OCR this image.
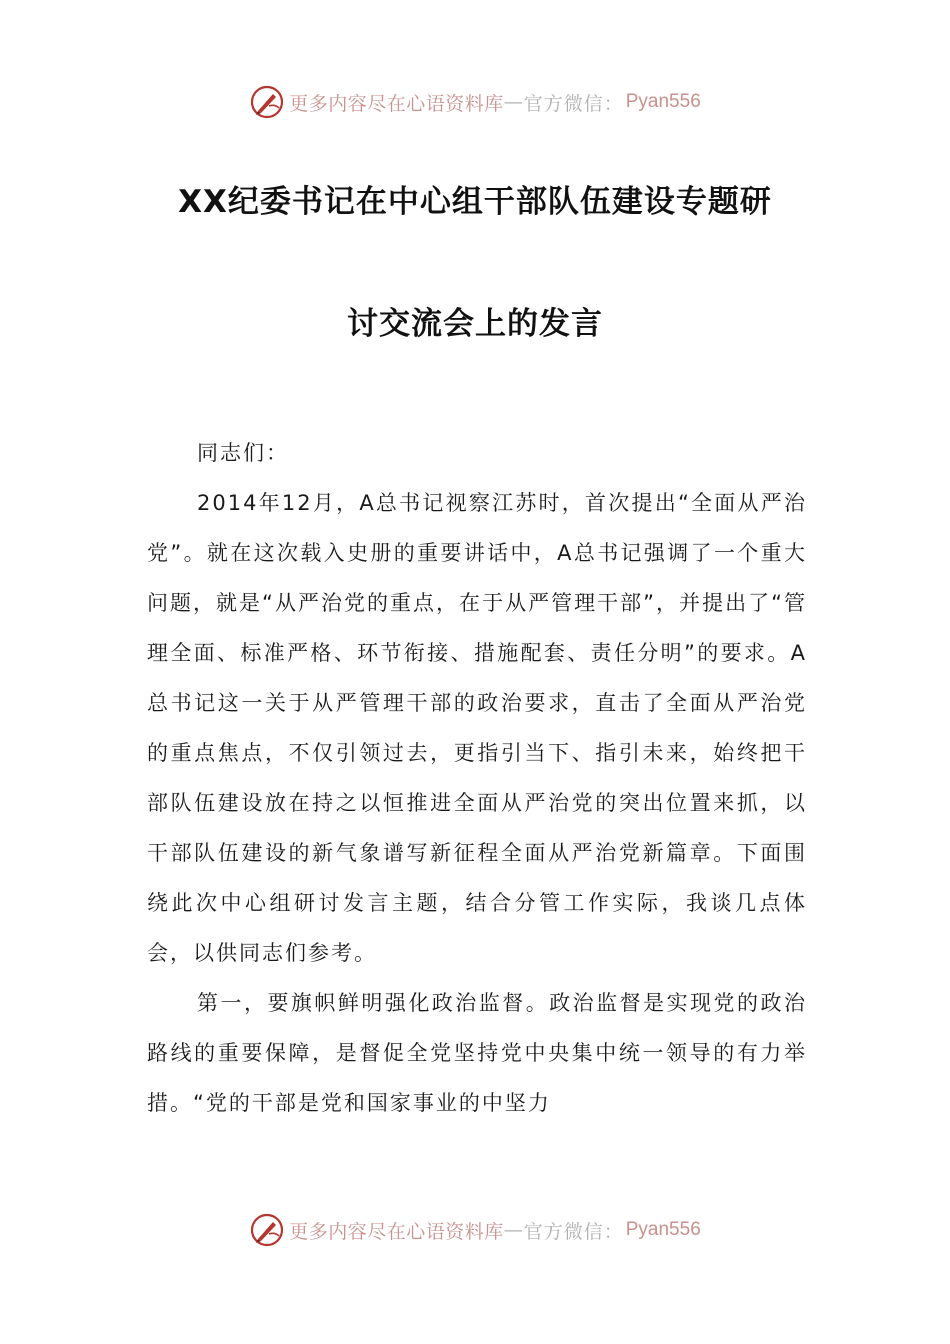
更多内容尽在心语资料库 — 官方微信： Pyan556
XX纪委书记在中心组干部队伍建设专题研
讨交流会上的发言

同志们：

2014年12月，A总书记视察江苏时，首次提出“全面从严治党”。就在这次载入史册的重要讲话中，A总书记强调了一个重大问题，就是“从严治党的重点，在于从严管理干部”，并提出了“管理全面、标准严格、环节衔接、措施配套、责任分明”的要求。A总书记这一关于从严管理干部的政治要求，直击了全面从严治党的重点焦点，不仅引领过去，更指引当下、指引未来，始终把干部队伍建设放在持之以恒推进全面从严治党的突出位置来抓，以干部队伍建设的新气象谱写新征程全面从严治党新篇章。下面围绕此次中心组研讨发言主题，结合分管工作实际，我谈几点体会，以供同志们参考。

第一，要旗帜鲜明强化政治监督。政治监督是实现党的政治路线的重要保障，是督促全党坚持党中央集中统一领导的有力举措。“党的干部是党和国家事业的中坚力

更多内容尽在心语资料库 — 官方微信： Pyan556
